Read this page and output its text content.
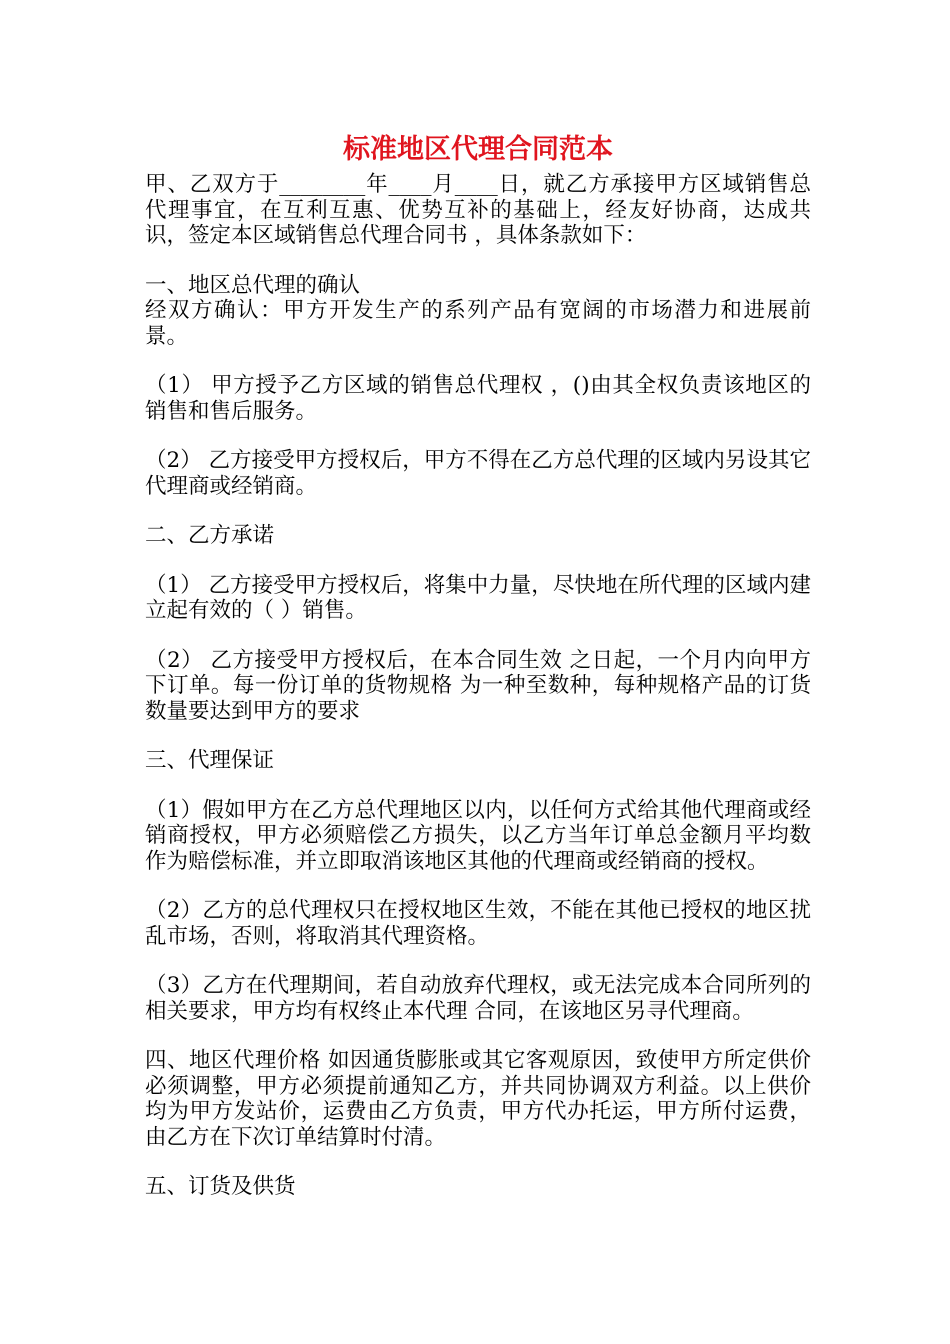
标准地区代理合同范本

甲、乙双方于________年____月____日，就乙方承接甲方区域销售总代理事宜，在互利互惠、优势互补的基础上，经友好协商，达成共识，签定本区域销售总代理合同书 ，具体条款如下：

一、地区总代理的确认

经双方确认：甲方开发生产的系列产品有宽阔的市场潜力和进展前景。

（1） 甲方授予乙方区域的销售总代理权 ，()由其全权负责该地区的销售和售后服务。

（2） 乙方接受甲方授权后，甲方不得在乙方总代理的区域内另设其它代理商或经销商。

二、乙方承诺

（1） 乙方接受甲方授权后，将集中力量，尽快地在所代理的区域内建立起有效的（ ）销售。

（2） 乙方接受甲方授权后，在本合同生效 之日起，一个月内向甲方下订单。每一份订单的货物规格 为一种至数种，每种规格产品的订货数量要达到甲方的要求

三、代理保证

（1）假如甲方在乙方总代理地区以内，以任何方式给其他代理商或经销商授权，甲方必须赔偿乙方损失，以乙方当年订单总金额月平均数 作为赔偿标准，并立即取消该地区其他的代理商或经销商的授权。

（2）乙方的总代理权只在授权地区生效，不能在其他已授权的地区扰乱市场，否则，将取消其代理资格。

（3）乙方在代理期间，若自动放弃代理权，或无法完成本合同所列的相关要求，甲方均有权终止本代理 合同，在该地区另寻代理商。

四、地区代理价格 如因通货膨胀或其它客观原因，致使甲方所定供价必须调整，甲方必须提前通知乙方，并共同协调双方利益。以上供价均为甲方发站价，运费由乙方负责，甲方代办托运，甲方所付运费，由乙方在下次订单结算时付清。

五、订货及供货
